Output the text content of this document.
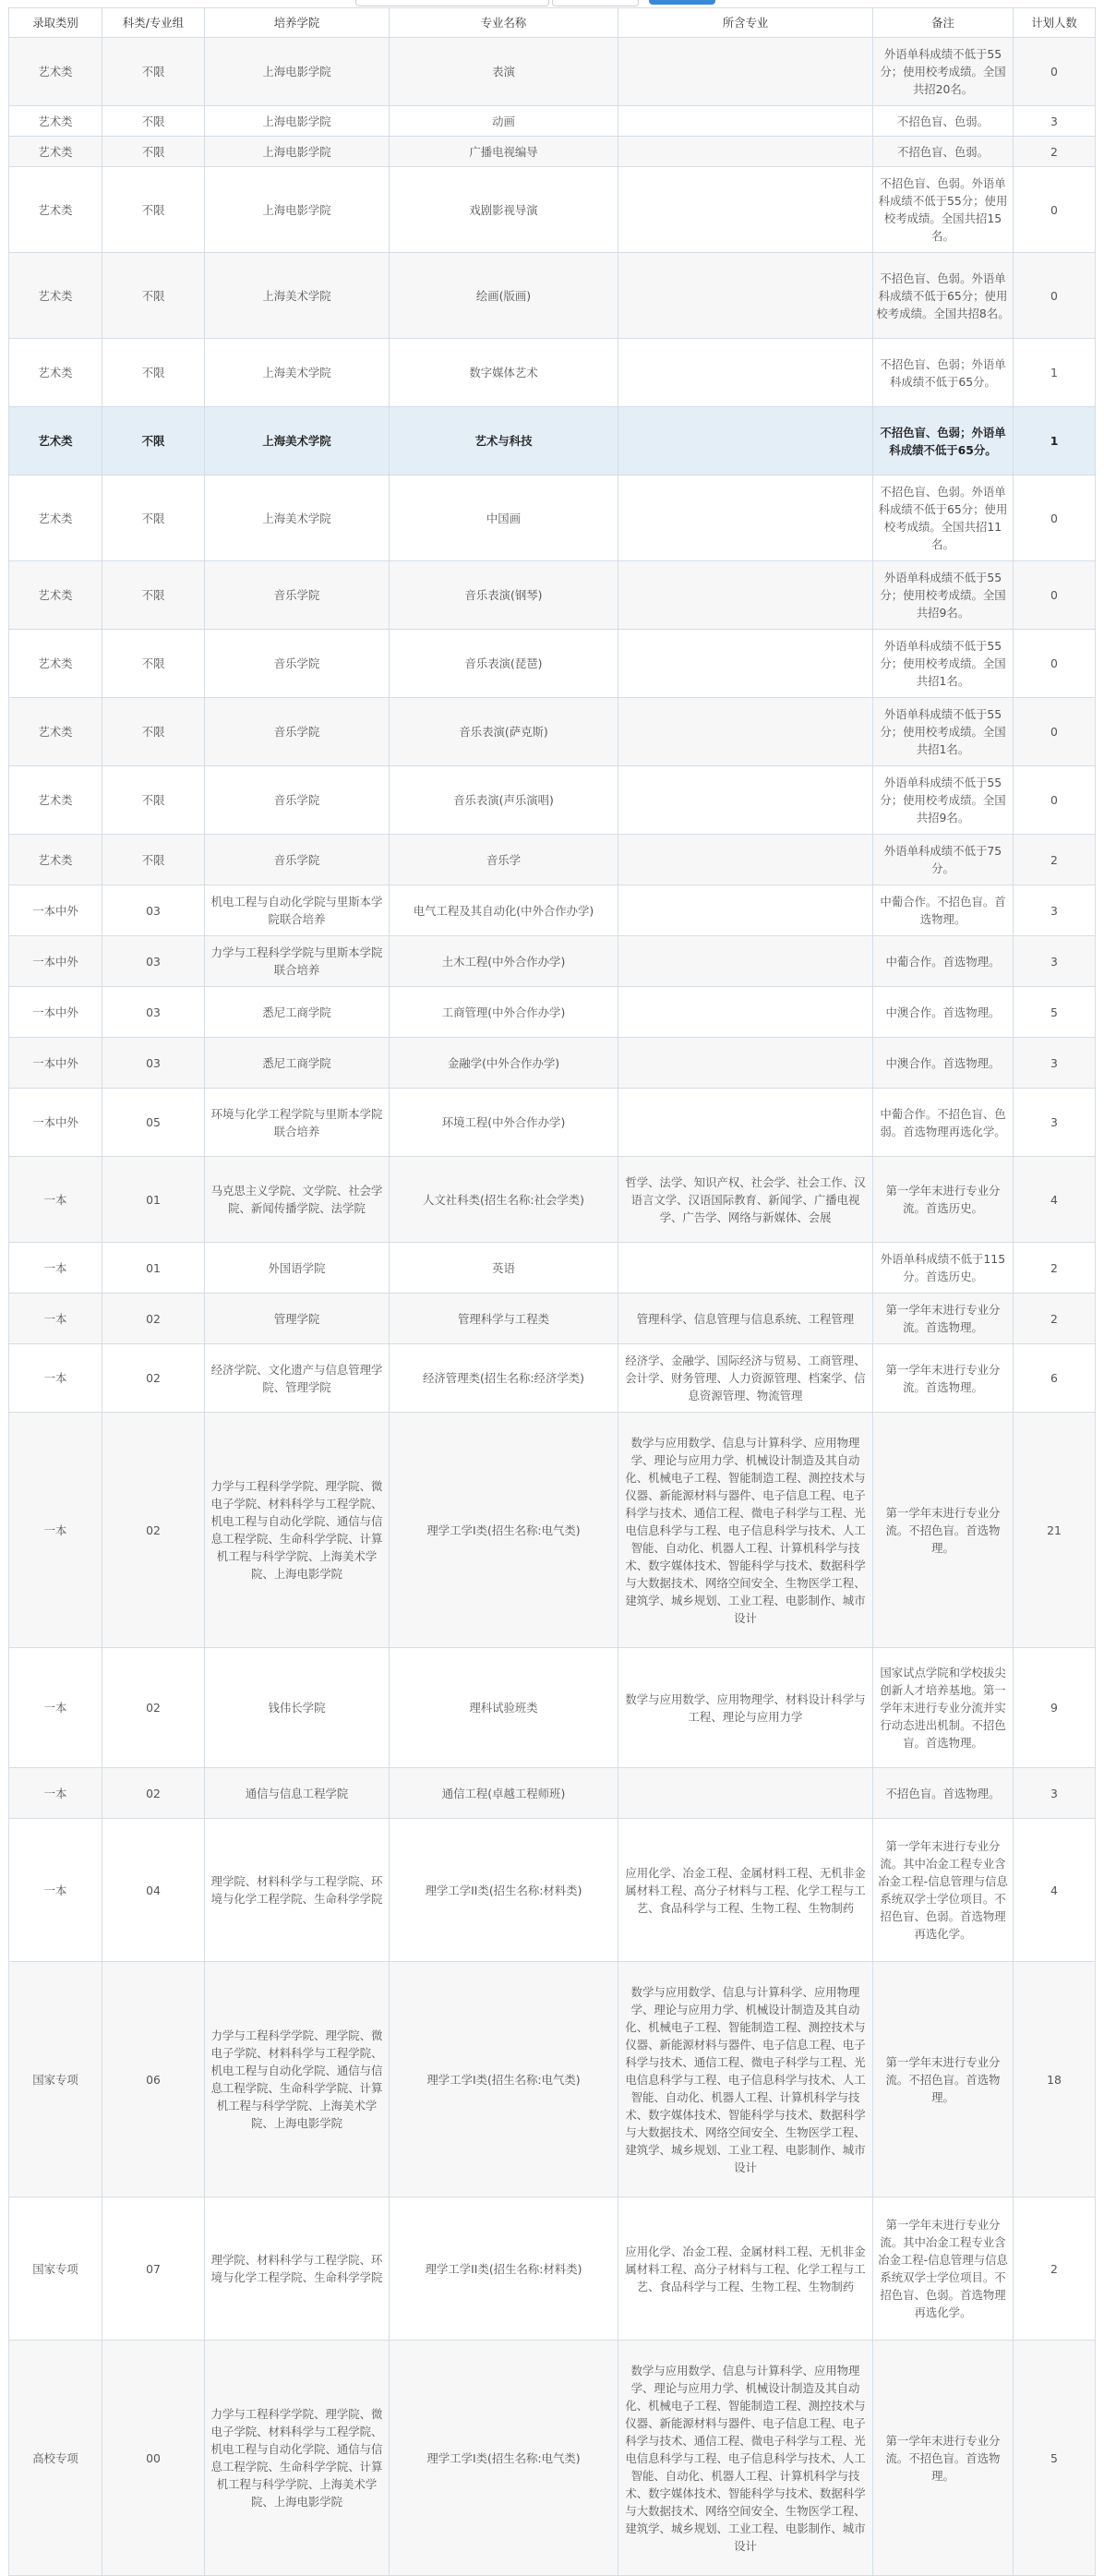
录取类别	科类/专业组	培养学院	专业名称	所含专业	备注	计划人数
艺术类	不限	上海电影学院	表演		外语单科成绩不低于55分；使用校考成绩。全国共招20名。	0
艺术类	不限	上海电影学院	动画		不招色盲、色弱。	3
艺术类	不限	上海电影学院	广播电视编导		不招色盲、色弱。	2
艺术类	不限	上海电影学院	戏剧影视导演		不招色盲、色弱。外语单科成绩不低于55分；使用校考成绩。全国共招15名。	0
艺术类	不限	上海美术学院	绘画(版画)		不招色盲、色弱。外语单科成绩不低于65分；使用校考成绩。全国共招8名。	0
艺术类	不限	上海美术学院	数字媒体艺术		不招色盲、色弱；外语单科成绩不低于65分。	1
艺术类	不限	上海美术学院	艺术与科技		不招色盲、色弱；外语单科成绩不低于65分。	1
艺术类	不限	上海美术学院	中国画		不招色盲、色弱。外语单科成绩不低于65分；使用校考成绩。全国共招11名。	0
艺术类	不限	音乐学院	音乐表演(钢琴)		外语单科成绩不低于55分；使用校考成绩。全国共招9名。	0
艺术类	不限	音乐学院	音乐表演(琵琶)		外语单科成绩不低于55分；使用校考成绩。全国共招1名。	0
艺术类	不限	音乐学院	音乐表演(萨克斯)		外语单科成绩不低于55分；使用校考成绩。全国共招1名。	0
艺术类	不限	音乐学院	音乐表演(声乐演唱)		外语单科成绩不低于55分；使用校考成绩。全国共招9名。	0
艺术类	不限	音乐学院	音乐学		外语单科成绩不低于75分。	2
一本中外	03	机电工程与自动化学院与里斯本学院联合培养	电气工程及其自动化(中外合作办学)		中葡合作。不招色盲。首选物理。	3
一本中外	03	力学与工程科学学院与里斯本学院联合培养	土木工程(中外合作办学)		中葡合作。首选物理。	3
一本中外	03	悉尼工商学院	工商管理(中外合作办学)		中澳合作。首选物理。	5
一本中外	03	悉尼工商学院	金融学(中外合作办学)		中澳合作。首选物理。	3
一本中外	05	环境与化学工程学院与里斯本学院联合培养	环境工程(中外合作办学)		中葡合作。不招色盲、色弱。首选物理再选化学。	3
一本	01	马克思主义学院、文学院、社会学院、新闻传播学院、法学院	人文社科类(招生名称:社会学类)	哲学、法学、知识产权、社会学、社会工作、汉语言文学、汉语国际教育、新闻学、广播电视学、广告学、网络与新媒体、会展	第一学年末进行专业分流。首选历史。	4
一本	01	外国语学院	英语		外语单科成绩不低于115分。首选历史。	2
一本	02	管理学院	管理科学与工程类	管理科学、信息管理与信息系统、工程管理	第一学年末进行专业分流。首选物理。	2
一本	02	经济学院、文化遗产与信息管理学院、管理学院	经济管理类(招生名称:经济学类)	经济学、金融学、国际经济与贸易、工商管理、会计学、财务管理、人力资源管理、档案学、信息资源管理、物流管理	第一学年末进行专业分流。首选物理。	6
一本	02	力学与工程科学学院、理学院、微电子学院、材料科学与工程学院、机电工程与自动化学院、通信与信息工程学院、生命科学学院、计算机工程与科学学院、上海美术学院、上海电影学院	理学工学I类(招生名称:电气类)	数学与应用数学、信息与计算科学、应用物理学、理论与应用力学、机械设计制造及其自动化、机械电子工程、智能制造工程、测控技术与仪器、新能源材料与器件、电子信息工程、电子科学与技术、通信工程、微电子科学与工程、光电信息科学与工程、电子信息科学与技术、人工智能、自动化、机器人工程、计算机科学与技术、数字媒体技术、智能科学与技术、数据科学与大数据技术、网络空间安全、生物医学工程、建筑学、城乡规划、工业工程、电影制作、城市设计	第一学年末进行专业分流。不招色盲。首选物理。	21
一本	02	钱伟长学院	理科试验班类	数学与应用数学、应用物理学、材料设计科学与工程、理论与应用力学	国家试点学院和学校拔尖创新人才培养基地。第一学年末进行专业分流并实行动态进出机制。不招色盲。首选物理。	9
一本	02	通信与信息工程学院	通信工程(卓越工程师班)		不招色盲。首选物理。	3
一本	04	理学院、材料科学与工程学院、环境与化学工程学院、生命科学学院	理学工学II类(招生名称:材料类)	应用化学、冶金工程、金属材料工程、无机非金属材料工程、高分子材料与工程、化学工程与工艺、食品科学与工程、生物工程、生物制药	第一学年末进行专业分流。其中冶金工程专业含冶金工程-信息管理与信息系统双学士学位项目。不招色盲、色弱。首选物理再选化学。	4
国家专项	06	力学与工程科学学院、理学院、微电子学院、材料科学与工程学院、机电工程与自动化学院、通信与信息工程学院、生命科学学院、计算机工程与科学学院、上海美术学院、上海电影学院	理学工学I类(招生名称:电气类)	数学与应用数学、信息与计算科学、应用物理学、理论与应用力学、机械设计制造及其自动化、机械电子工程、智能制造工程、测控技术与仪器、新能源材料与器件、电子信息工程、电子科学与技术、通信工程、微电子科学与工程、光电信息科学与工程、电子信息科学与技术、人工智能、自动化、机器人工程、计算机科学与技术、数字媒体技术、智能科学与技术、数据科学与大数据技术、网络空间安全、生物医学工程、建筑学、城乡规划、工业工程、电影制作、城市设计	第一学年末进行专业分流。不招色盲。首选物理。	18
国家专项	07	理学院、材料科学与工程学院、环境与化学工程学院、生命科学学院	理学工学II类(招生名称:材料类)	应用化学、冶金工程、金属材料工程、无机非金属材料工程、高分子材料与工程、化学工程与工艺、食品科学与工程、生物工程、生物制药	第一学年末进行专业分流。其中冶金工程专业含冶金工程-信息管理与信息系统双学士学位项目。不招色盲、色弱。首选物理再选化学。	2
高校专项	00	力学与工程科学学院、理学院、微电子学院、材料科学与工程学院、机电工程与自动化学院、通信与信息工程学院、生命科学学院、计算机工程与科学学院、上海美术学院、上海电影学院	理学工学I类(招生名称:电气类)	数学与应用数学、信息与计算科学、应用物理学、理论与应用力学、机械设计制造及其自动化、机械电子工程、智能制造工程、测控技术与仪器、新能源材料与器件、电子信息工程、电子科学与技术、通信工程、微电子科学与工程、光电信息科学与工程、电子信息科学与技术、人工智能、自动化、机器人工程、计算机科学与技术、数字媒体技术、智能科学与技术、数据科学与大数据技术、网络空间安全、生物医学工程、建筑学、城乡规划、工业工程、电影制作、城市设计	第一学年末进行专业分流。不招色盲。首选物理。	5
